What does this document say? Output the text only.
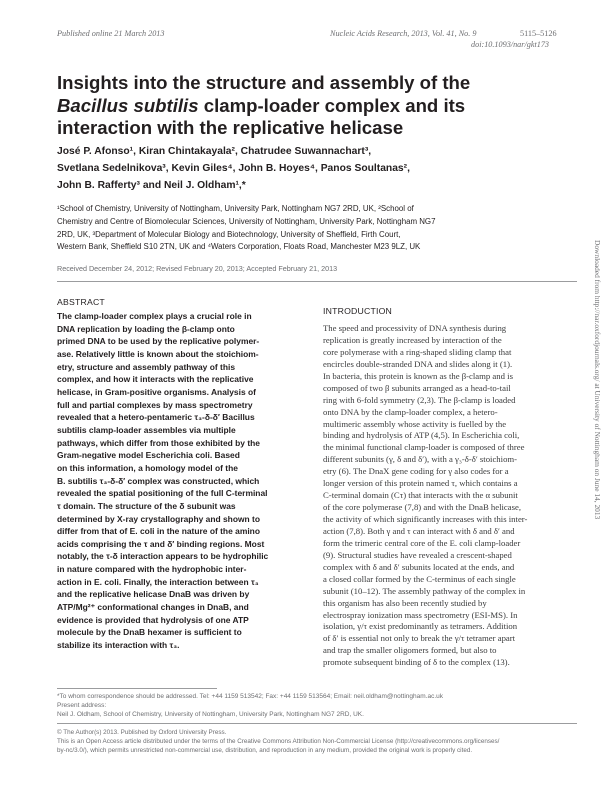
Published online 21 March 2013	Nucleic Acids Research, 2013, Vol. 41, No. 9	5115–5126
doi:10.1093/nar/gkt173
Insights into the structure and assembly of the
Bacillus subtilis clamp-loader complex and its
interaction with the replicative helicase
José P. Afonso¹, Kiran Chintakayala², Chatrudee Suwannachart³,
Svetlana Sedelnikova³, Kevin Giles⁴, John B. Hoyes⁴, Panos Soultanas²,
John B. Rafferty³ and Neil J. Oldham¹,*
¹School of Chemistry, University of Nottingham, University Park, Nottingham NG7 2RD, UK, ²School of
Chemistry and Centre of Biomolecular Sciences, University of Nottingham, University Park, Nottingham NG7
2RD, UK, ³Department of Molecular Biology and Biotechnology, University of Sheffield, Firth Court,
Western Bank, Sheffield S10 2TN, UK and ⁴Waters Corporation, Floats Road, Manchester M23 9LZ, UK
Received December 24, 2012; Revised February 20, 2013; Accepted February 21, 2013
ABSTRACT
The clamp-loader complex plays a crucial role in
DNA replication by loading the β-clamp onto
primed DNA to be used by the replicative polymer-
ase. Relatively little is known about the stoichiom-
etry, structure and assembly pathway of this
complex, and how it interacts with the replicative
helicase, in Gram-positive organisms. Analysis of
full and partial complexes by mass spectrometry
revealed that a hetero-pentameric τ₃-δ-δ′ Bacillus
subtilis clamp-loader assembles via multiple
pathways, which differ from those exhibited by the
Gram-negative model Escherichia coli. Based
on this information, a homology model of the
B. subtilis τ₃-δ-δ′ complex was constructed, which
revealed the spatial positioning of the full C-terminal
τ domain. The structure of the δ subunit was
determined by X-ray crystallography and shown to
differ from that of E. coli in the nature of the amino
acids comprising the τ and δ′ binding regions. Most
notably, the τ-δ interaction appears to be hydrophilic
in nature compared with the hydrophobic inter-
action in E. coli. Finally, the interaction between τ₃
and the replicative helicase DnaB was driven by
ATP/Mg²⁺ conformational changes in DnaB, and
evidence is provided that hydrolysis of one ATP
molecule by the DnaB hexamer is sufficient to
stabilize its interaction with τ₃.
INTRODUCTION
The speed and processivity of DNA synthesis during
replication is greatly increased by interaction of the
core polymerase with a ring-shaped sliding clamp that
encircles double-stranded DNA and slides along it (1).
In bacteria, this protein is known as the β-clamp and is
composed of two β subunits arranged as a head-to-tail
ring with 6-fold symmetry (2,3). The β-clamp is loaded
onto DNA by the clamp-loader complex, a hetero-
multimeric assembly whose activity is fuelled by the
binding and hydrolysis of ATP (4,5). In Escherichia coli,
the minimal functional clamp-loader is composed of three
different subunits (γ, δ and δ′), with a γ₃-δ-δ′ stoichiom-
etry (6). The DnaX gene coding for γ also codes for a
longer version of this protein named τ, which contains a
C-terminal domain (Cτ) that interacts with the α subunit
of the core polymerase (7,8) and with the DnaB helicase,
the activity of which significantly increases with this inter-
action (7,8). Both γ and τ can interact with δ and δ′ and
form the trimeric central core of the E. coli clamp-loader
(9). Structural studies have revealed a crescent-shaped
complex with δ and δ′ subunits located at the ends, and
a closed collar formed by the C-terminus of each single
subunit (10–12). The assembly pathway of the complex in
this organism has also been recently studied by
electrospray ionization mass spectrometry (ESI-MS). In
isolation, γ/τ exist predominantly as tetramers. Addition
of δ′ is essential not only to break the γ/τ tetramer apart
and trap the smaller oligomers formed, but also to
promote subsequent binding of δ to the complex (13).
*To whom correspondence should be addressed. Tel: +44 1159 513542; Fax: +44 1159 513564; Email: neil.oldham@nottingham.ac.uk
Present address:
Neil J. Oldham, School of Chemistry, University of Nottingham, University Park, Nottingham NG7 2RD, UK.
© The Author(s) 2013. Published by Oxford University Press.
This is an Open Access article distributed under the terms of the Creative Commons Attribution Non-Commercial License (http://creativecommons.org/licenses/
by-nc/3.0/), which permits unrestricted non-commercial use, distribution, and reproduction in any medium, provided the original work is properly cited.
Downloaded from http://nar.oxfordjournals.org/ at University of Nottingham on June 14, 2013
